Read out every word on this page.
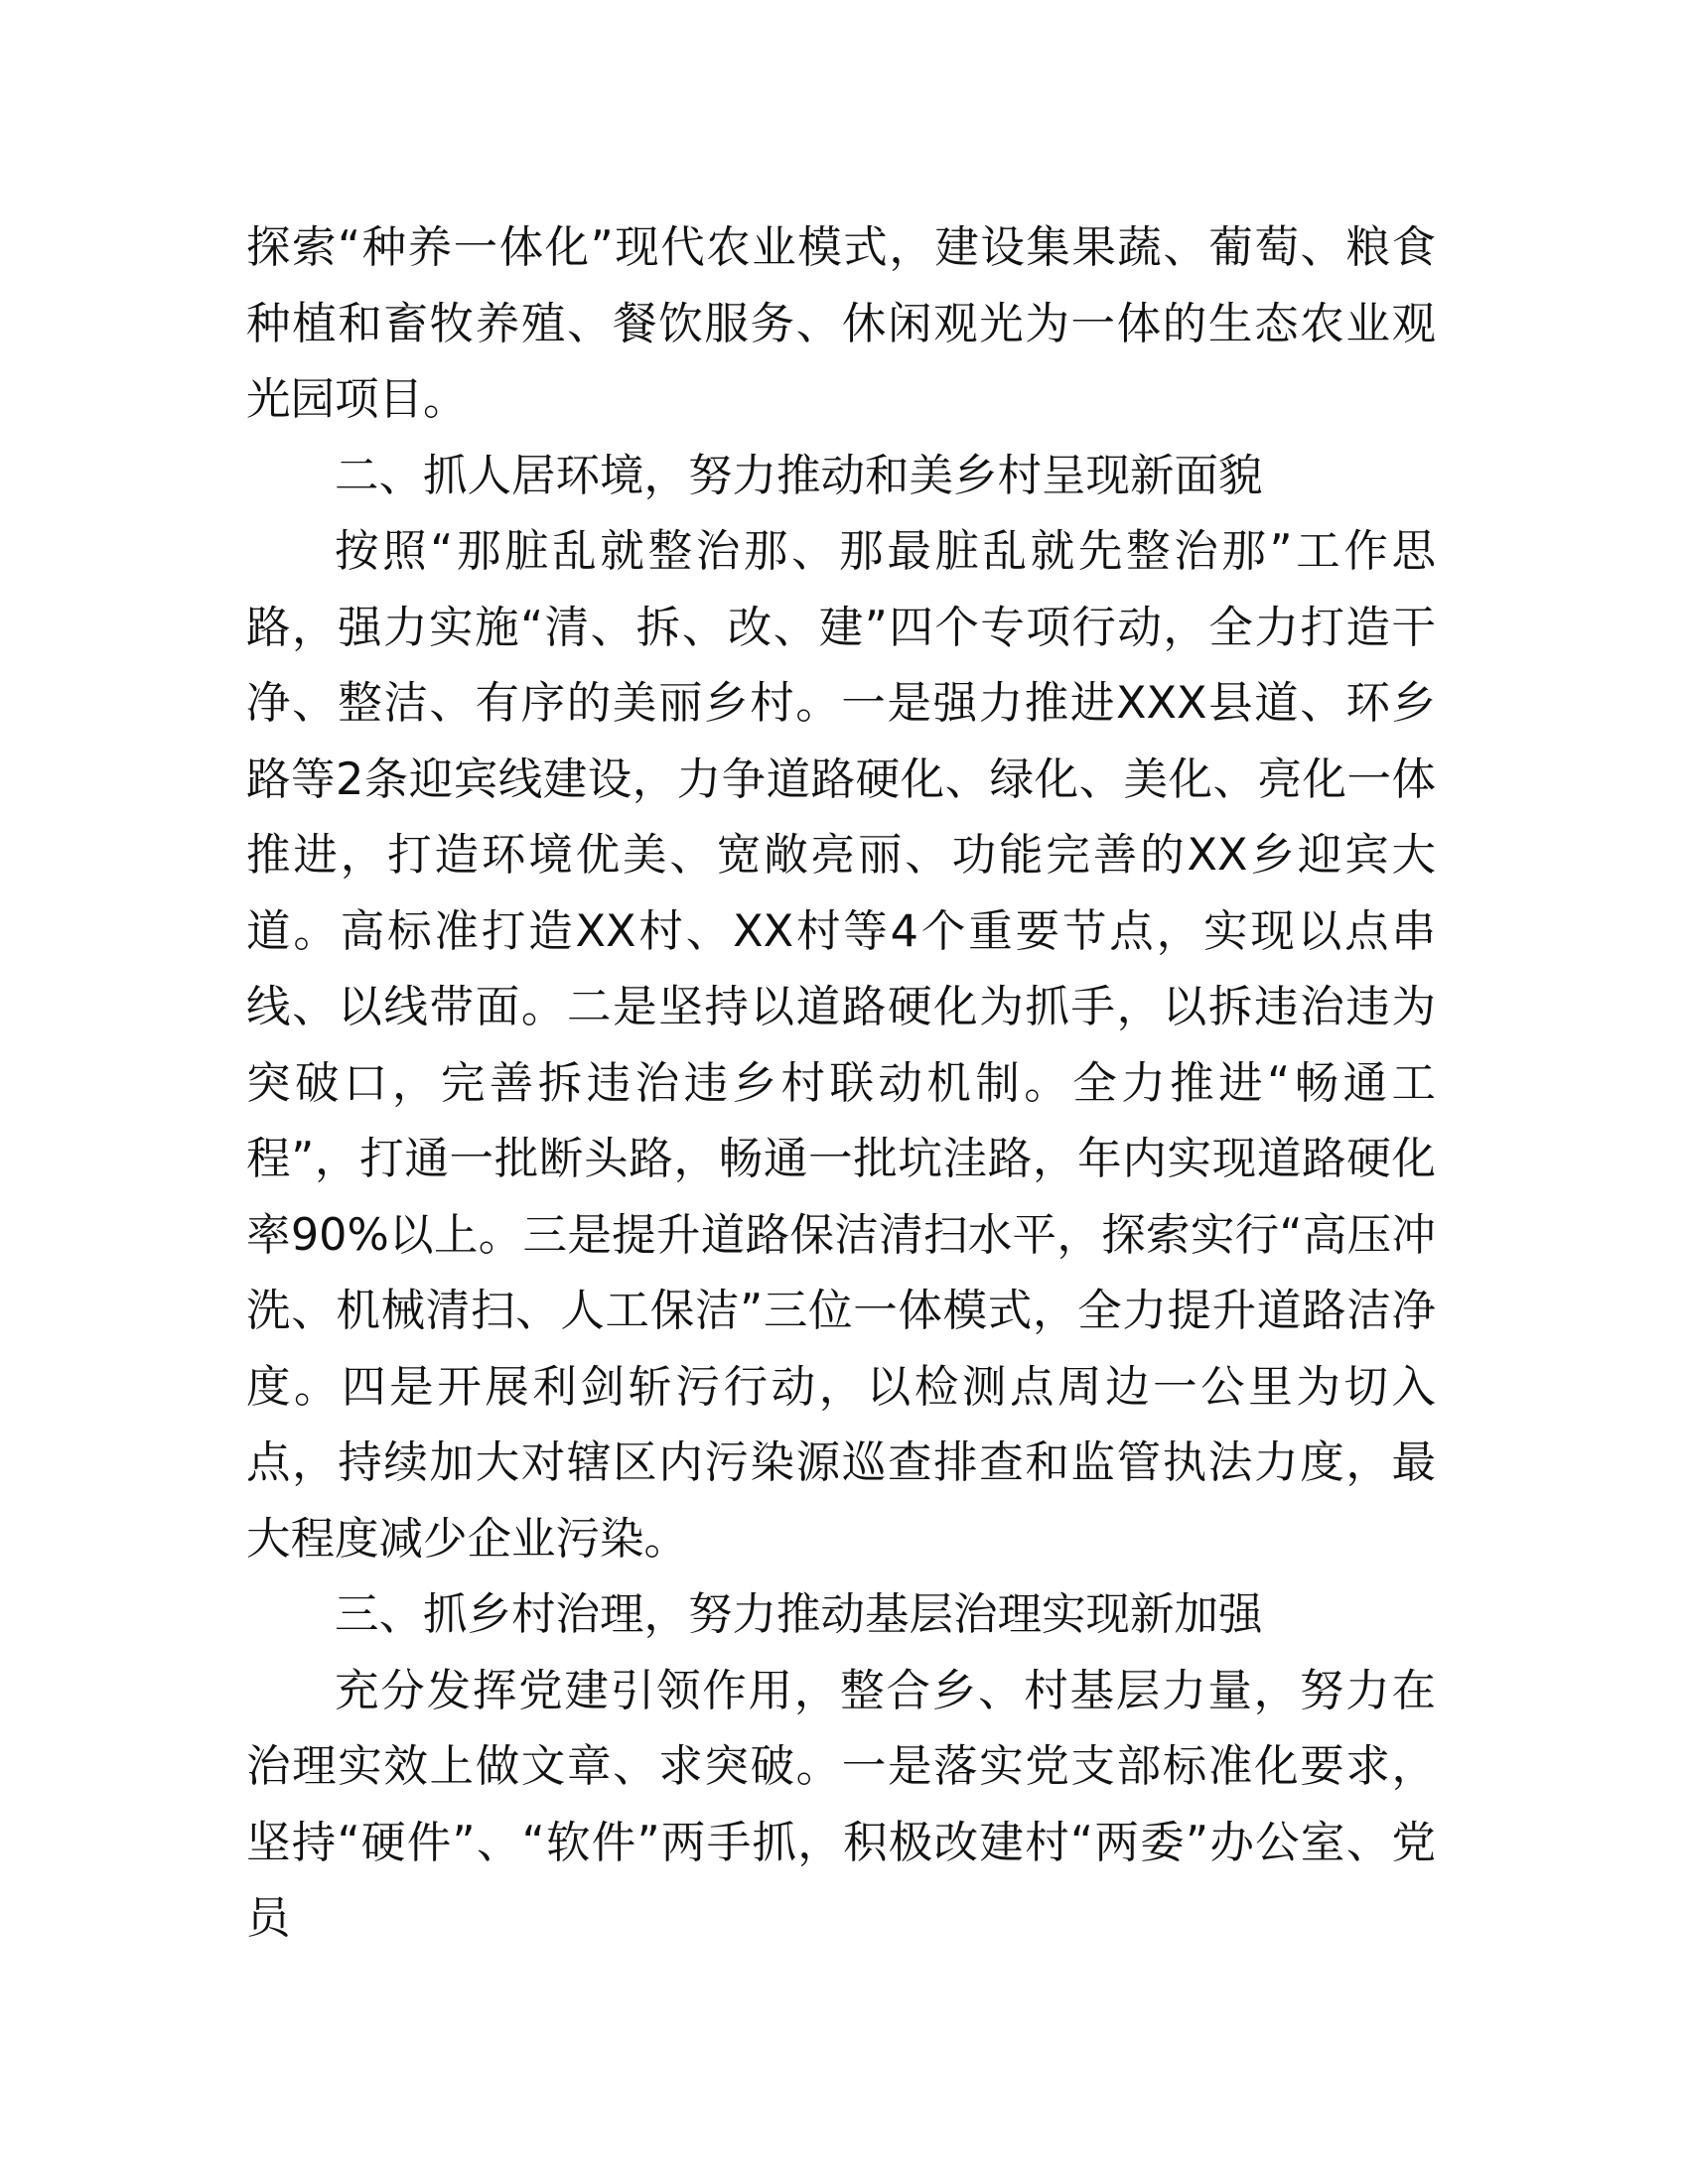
探索“种养一体化”现代农业模式，建设集果蔬、葡萄、粮食种植和畜牧养殖、餐饮服务、休闲观光为一体的生态农业观光园项目。

二、抓人居环境，努力推动和美乡村呈现新面貌

按照“那脏乱就整治那、那最脏乱就先整治那”工作思路，强力实施“清、拆、改、建”四个专项行动，全力打造干净、整洁、有序的美丽乡村。一是强力推进XXX县道、环乡路等2条迎宾线建设，力争道路硬化、绿化、美化、亮化一体推进，打造环境优美、宽敞亮丽、功能完善的XX乡迎宾大道。高标准打造XX村、XX村等4个重要节点，实现以点串线、以线带面。二是坚持以道路硬化为抓手，以拆违治违为突破口，完善拆违治违乡村联动机制。全力推进“畅通工程”，打通一批断头路，畅通一批坑洼路，年内实现道路硬化率90%以上。三是提升道路保洁清扫水平，探索实行“高压冲洗、机械清扫、人工保洁”三位一体模式，全力提升道路洁净度。四是开展利剑斩污行动，以检测点周边一公里为切入点，持续加大对辖区内污染源巡查排查和监管执法力度，最大程度减少企业污染。

三、抓乡村治理，努力推动基层治理实现新加强

充分发挥党建引领作用，整合乡、村基层力量，努力在治理实效上做文章、求突破。一是落实党支部标准化要求，坚持“硬件”、“软件”两手抓，积极改建村“两委”办公室、党员
